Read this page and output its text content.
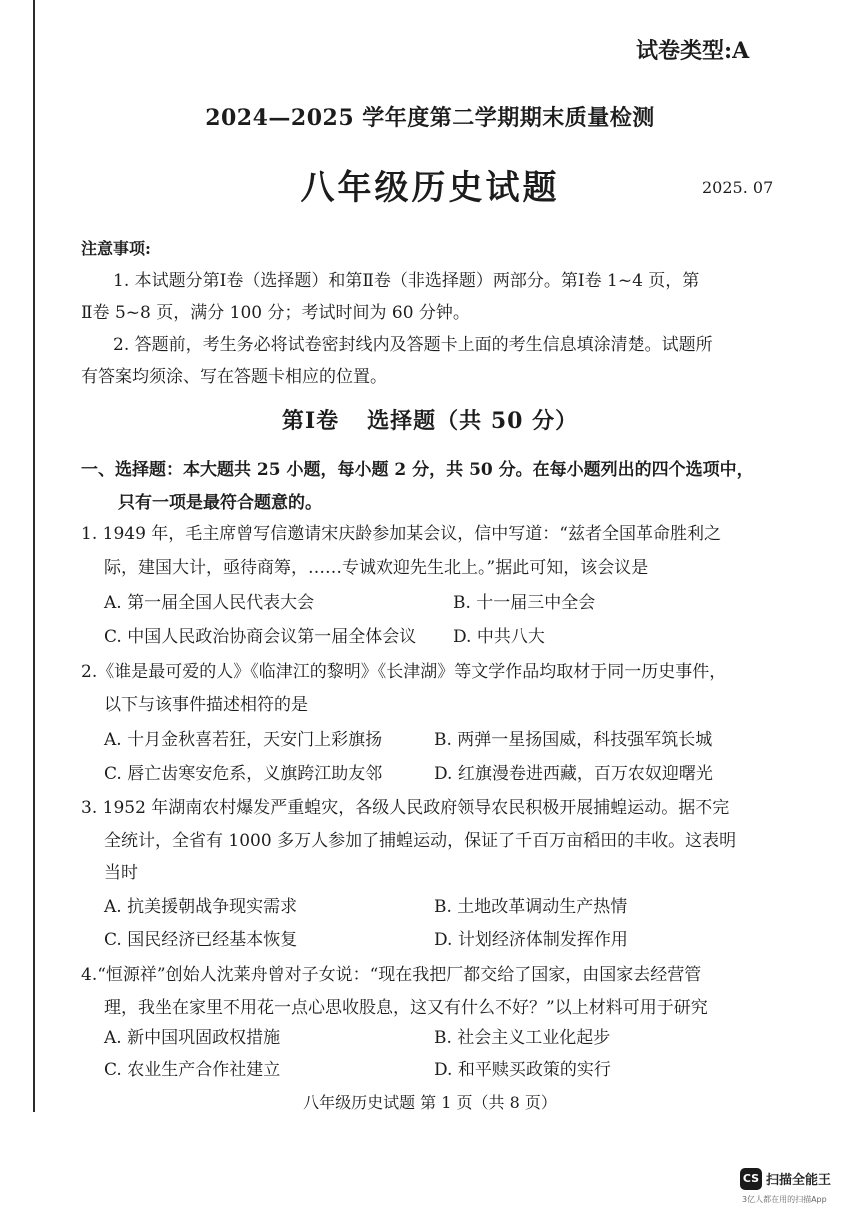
试卷类型:A
2024—2025 学年度第二学期期末质量检测
八年级历史试题	2025. 07
注意事项:
1. 本试题分第Ⅰ卷（选择题）和第Ⅱ卷（非选择题）两部分。第Ⅰ卷 1~4 页，第
Ⅱ卷 5~8 页，满分 100 分；考试时间为 60 分钟。
2. 答题前，考生务必将试卷密封线内及答题卡上面的考生信息填涂清楚。试题所
有答案均须涂、写在答题卡相应的位置。
第Ⅰ卷 选择题（共 50 分）
一、选择题：本大题共 25 小题，每小题 2 分，共 50 分。在每小题列出的四个选项中，
只有一项是最符合题意的。
1. 1949 年，毛主席曾写信邀请宋庆龄参加某会议，信中写道：“兹者全国革命胜利之
际，建国大计，亟待商筹，……专诚欢迎先生北上。”据此可知，该会议是
A. 第一届全国人民代表大会	B. 十一届三中全会
C. 中国人民政治协商会议第一届全体会议 D. 中共八大
2.《谁是最可爱的人》《临津江的黎明》《长津湖》等文学作品均取材于同一历史事件，
以下与该事件描述相符的是
A. 十月金秋喜若狂，天安门上彩旗扬	B. 两弹一星扬国威，科技强军筑长城
C. 唇亡齿寒安危系，义旗跨江助友邻	D. 红旗漫卷进西藏，百万农奴迎曙光
3. 1952 年湖南农村爆发严重蝗灾，各级人民政府领导农民积极开展捕蝗运动。据不完
全统计，全省有 1000 多万人参加了捕蝗运动，保证了千百万亩稻田的丰收。这表明
当时
A. 抗美援朝战争现实需求	B. 土地改革调动生产热情
C. 国民经济已经基本恢复	D. 计划经济体制发挥作用
4.“恒源祥”创始人沈莱舟曾对子女说：“现在我把厂都交给了国家，由国家去经营管
理，我坐在家里不用花一点心思收股息，这又有什么不好？”以上材料可用于研究
A. 新中国巩固政权措施	B. 社会主义工业化起步
C. 农业生产合作社建立	D. 和平赎买政策的实行
八年级历史试题 第 1 页（共 8 页）
CS 扫描全能王
3亿人都在用的扫描App
